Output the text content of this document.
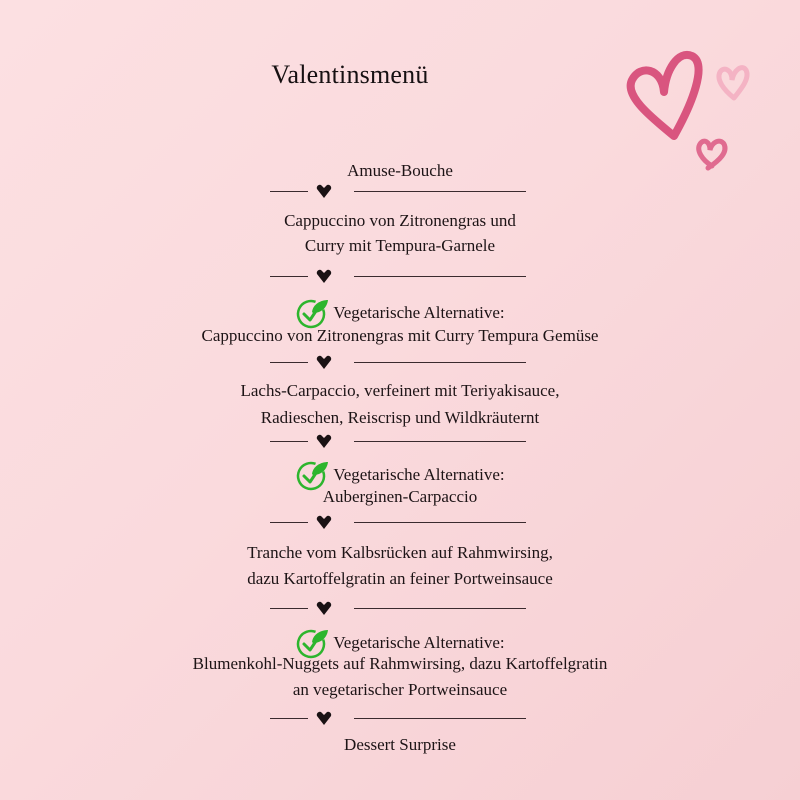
Valentinsmenü
Amuse-Bouche
Cappuccino von Zitronengras und
Curry mit Tempura-Garnele
Vegetarische Alternative:
Cappuccino von Zitronengras mit Curry Tempura Gemüse
Lachs-Carpaccio, verfeinert mit Teriyakisauce,
Radieschen, Reiscrisp und Wildkräuternt
Vegetarische Alternative:
Auberginen-Carpaccio
Tranche vom Kalbsrücken auf Rahmwirsing,
dazu Kartoffelgratin an feiner Portweinsauce
Vegetarische Alternative:
Blumenkohl-Nuggets auf Rahmwirsing, dazu Kartoffelgratin
an vegetarischer Portweinsauce
Dessert Surprise
